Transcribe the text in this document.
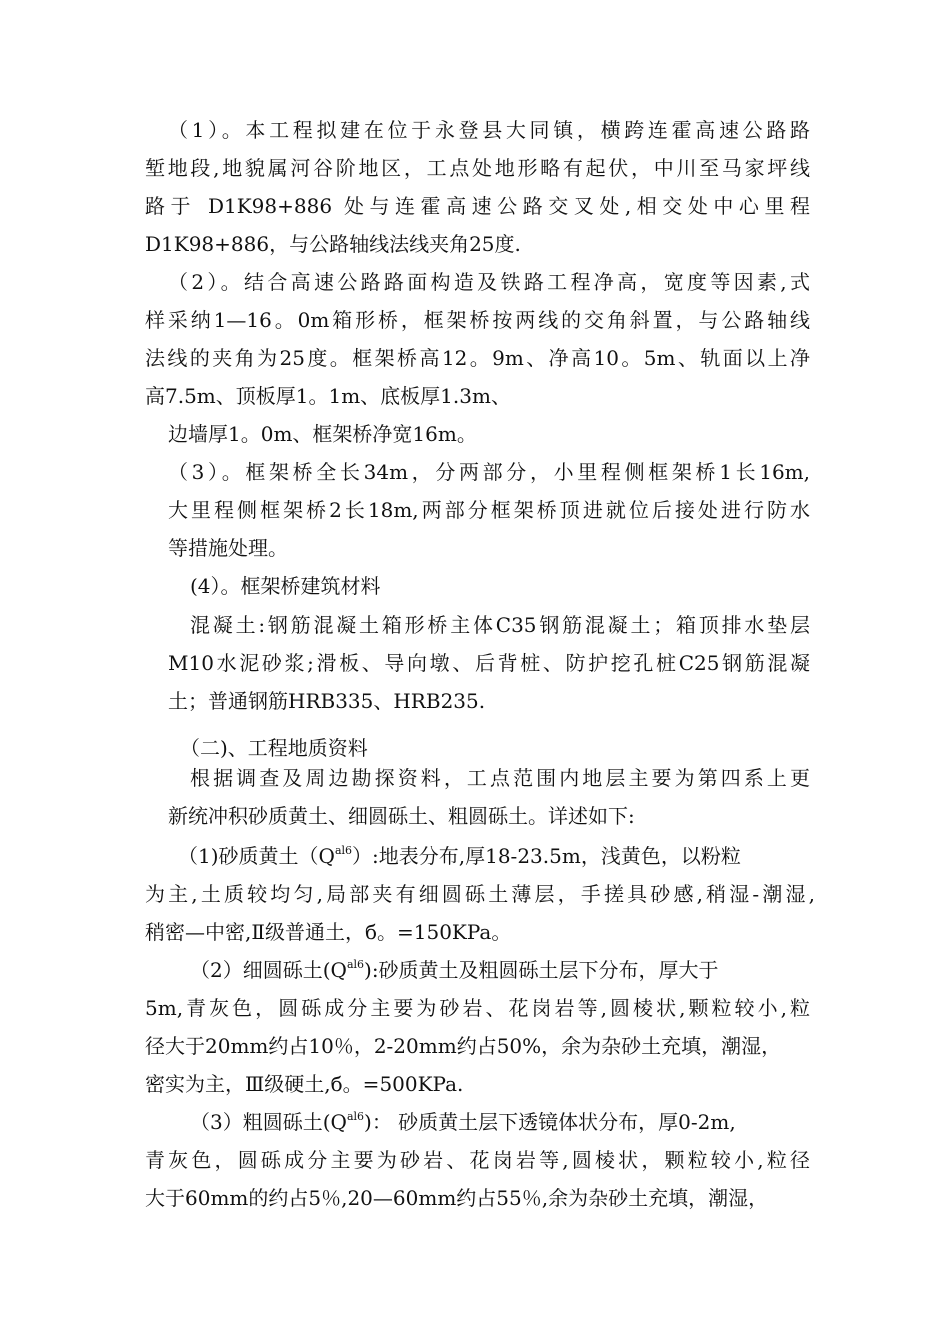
（1）。本工程拟建在位于永登县大同镇，横跨连霍高速公路路
堑地段,地貌属河谷阶地区，工点处地形略有起伏，中川至马家坪线
路于 D1K98+886 处与连霍高速公路交叉处,相交处中心里程
D1K98+886，与公路轴线法线夹角25度.
（2）。结合高速公路路面构造及铁路工程净高，宽度等因素,式
样采纳1—16。0m箱形桥，框架桥按两线的交角斜置，与公路轴线
法线的夹角为25度。框架桥高12。9m、净高10。5m、轨面以上净
高7.5m、顶板厚1。1m、底板厚1.3m、
边墙厚1。0m、框架桥净宽16m。
（3）。框架桥全长34m，分两部分，小里程侧框架桥1长16m,
大里程侧框架桥2长18m,两部分框架桥顶进就位后接处进行防水
等措施处理。
(4）。框架桥建筑材料
混凝土:钢筋混凝土箱形桥主体C35钢筋混凝土；箱顶排水垫层
M10水泥砂浆;滑板、导向墩、后背桩、防护挖孔桩C25钢筋混凝
土；普通钢筋HRB335、HRB235.
（二)、工程地质资料
根据调查及周边勘探资料，工点范围内地层主要为第四系上更
新统冲积砂质黄土、细圆砾土、粗圆砾土。详述如下:
（1)砂质黄土$(Q^{al6})$:地表分布,厚18-23.5m，浅黄色，以粉粒
为主,土质较均匀,局部夹有细圆砾土薄层，手搓具砂感,稍湿-潮湿,
稍密—中密,Ⅱ级普通土，б。=150KPa。
（2）细圆砾土$(Q^{al6})$:砂质黄土及粗圆砾土层下分布，厚大于
5m,青灰色，圆砾成分主要为砂岩、花岗岩等,圆棱状,颗粒较小,粒
径大于20mm约占10％，2-20mm约占50%，余为杂砂土充填，潮湿，
密实为主，Ⅲ级硬土,б。=500KPa.
（3）粗圆砾土$(Q^{al6})$： 砂质黄土层下透镜体状分布，厚0-2m,
青灰色，圆砾成分主要为砂岩、花岗岩等,圆棱状，颗粒较小,粒径
大于60mm的约占5％,20—60mm约占55％,余为杂砂土充填，潮湿，
